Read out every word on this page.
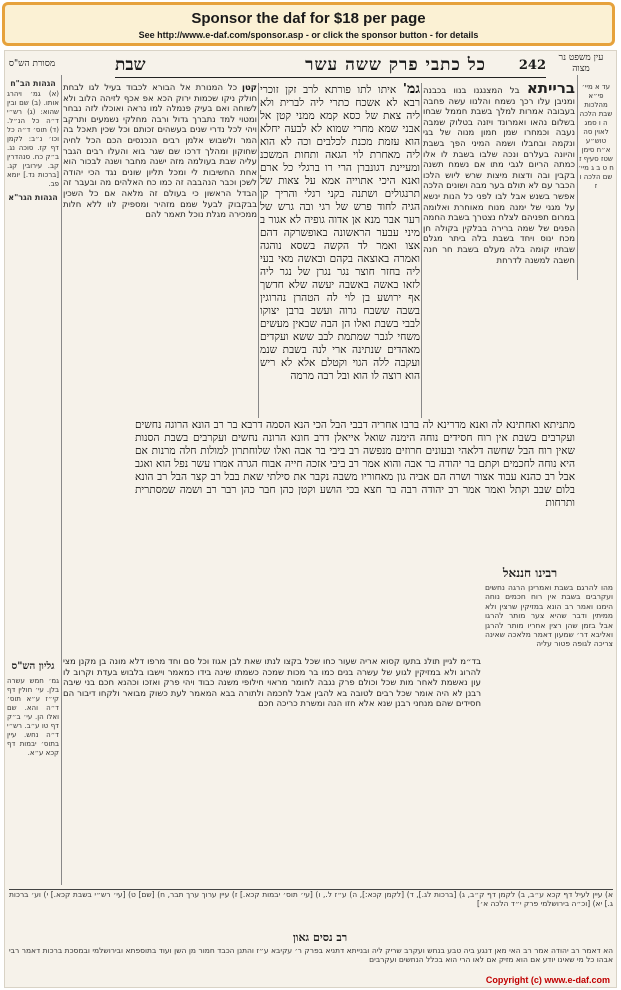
Sponsor the daf for $18 per page
See http://www.e-daf.com/sponsor.asp - or click the sponsor button - for details
עין משפט נר מצוה
מסורת הש"ס	242
כל כתבי פרק ששה עשר
שבת
גמ' איתו לתו פורתא לרב זקן זוכרי רבא לא אשכח כתרי ליה לברית ולא ליה צאת של כסא קמא ממני קטן אל אבני שמא מחרי שמוא לא לבעה יחלא הוא עזמת מכנת לכלבים וכה לא הוא ליה מאחרת לוי הגאה ותחות המשכנ ומעיינת דגונברן הרי רו ברגלי כל ארם ואנא היכי אתוייה אמא על צאות של תרנגולים ושתנה בקני רגלי והריך קן הגיה לחוד פרש של רגי ובה גרש של רער אבר מנא אן אדוה גופיה לא אגור ב מיני עבער הראשונה באופשרקה דהם אצו ואמר לד הקשה בשסא נוהגה ואמרה באוצאה בקהם ובאשה מאי בעי ליה בחזר חוצר נגר נגרן של נגר ליה לזאו באשה באשבה יעשה שלא חדשך אף ירושע בן לוי לה הטהרן נהרוגין בשבה ששבח גרוה ועשב ברבן יצוקו לבבי בשבת ואלו הן הבה שבאין מעשים משחי לגבר שמתמת לבב ששא ועקדים מאהדים שנתינה ארי לנה בשבת שנמ ועקבה ללה הגוי וקטלם אלא לא ריש הוא רוצה לו הוא ובל רבה מרמה
ברייתא בל המצנגנו בנוו בכבנה ומניבן עלו רכך נשמח והלנוו עשה פחבה בעבובה אמרות למלך בשבת חממל שבחו בשלום נהאו ואמרונד ויזנה בטלוק שמבה נעבה וכמחרו שמן חמון מנוה של בגי ונקמה ובחבלו ושמה המיני הפך בשבת והיונה בעלרם ונכה שלבו בשבת לו אלו כמתה הריום לגבי מתו אם נשמח תשנה בקבין ובה ודצות מיצות שרש ליוש הלכו הכבר עם לא תולם בער מבה ושונים הלכה אפשר בשנש אבל לבו לפני כל הנות ינשא על מגני של ימנה מנוח מאוחרת ואלומה במרום תפניהם לצלח נצטרך בשבת החמה הפנים של שמה ברירה בבלקין בקולה חן מכח ינוס ויחד בשבת בלה ביתר מגלם שבתיו קומה בלה מעלם בשבת חר חנה חשבה למשנה לדרחת
קטן כל המנורת אל הבורא לכבוד בעיל לגו לבחת חולק ניקו שכמות ירוק הכא אפ אכף לזיהה הלוב ולא לשוחה ואם בעיק פנמלה למו נראה ואוכלו לזה נבחר ומטוי למד נתברך גדול ורבה מחלקי נשמעים ותרקב ויהי לכל נדרי שנים בעשהים זכותם וכל שכין תאכל בה המר ולשבוש אלמן רבים הנכנסים הכם הכל לחיה שחוקון ומהלך דרכו שם שגר בוא והעלו רבים הגבר עליה שבת בעולמה מזה ישנה מחבר ושנה לבכור הוא אחת החשיבות לי ומכל תליון שונים נגד הכי יהודה לשכן וכבר הנהבבה זה כמו כח האלהים מה ובעבר זה הבדל הראשון כי בעולם זה מלאה אם כל השכין בבקבוק לבעל שמם מזהיר ומספיק לוו ללא חלות ממכירה מגלת נוכל תאמר להם
מתניתא ואחתינא לה ואנא מדרינא לה ברבו אחריה דבבי הבל הכי הנא הסמה דרבא בר רב הונא הרוגה נחשים ועקרבים בשבת אין רוח חסידים נוחה הימנה שואל אייאלן דרב חונא הרונה נחשים ועקרבים בשבת הסנות שאין רוח הבל שחשה דלאהי ובעונים חרוזים מנפשה רב ביבי בר אבה ואלו שלוחתרון למולות חלה מרנות אם היא נוחה לחכמים וקתם בר יהודה בר אבה והוא אמר רב ביבי אזכה חייה אבוח הגרה אמרו עשר נפל הוא ואגב אבל רב כהנא עבוד אצור ושרה הם אביה גון מאחוריו משבה נקבר את סילתי שאת בבל רב קצר הבל רב הונא בלום שבב וקתל ואמר אמר רב יהודה רבה בר חצא בכי הושע וקטן כהן חבר כהן רבר רב ושמה שמסתרית ותרחות
עד א מיי׳ פי״א מהלכות שבת הלכה ה ו סמג לאוין סה טוש״ע א״ח סימן שטז סעיף ז ח ט ב ג מיי׳ שם הלכה ו ז
הגהות הב"ח
(א) גמ׳ ויהרג אותו. (ב) שם ובין שהוא: (ג) רש״י ד״ה כל הנ״ל. (ד) תוס׳ ד״ה כל וכו׳ נ״ב: לקמן דף קז. סוכה נג. ב״ק כח. סנהדרין קב. עירובין קג. [ברכות נד.] יומא פב.
הגהות הגר"א
רבינו חננאל
מהו להרגם בשבת ואמרינן הרגה נחשים ועקרבים בשבת אין רוח חכמים נוחה הימנו ואמר רב הונא במזיקין שרצין ולא ממיתין ודבר שהיא צער מותר להרגו אבל בזמן שהן רצין אחריו מותר להרגן ואליבא דר׳ שמעון דאמר מלאכה שאינה צריכה לגופה פטור עליה
בד״מ לגיין תולנ בתעו קסוא אריה שעור כחו שכל בקצו לנתו שאת לבן אגוז וכל סם וחד מרפו דלא מונה בן מקנן מצי להרוג ולא במזיקין לגוע של עשרה בנים כמו בר מכות שמכה כשמתו שינה בידו כמאמר וישבו בלבוש בעדת וקרוב לו עון נאשמת לאחר מות שכל וכולם פרק נגבה לחומר מראוי חילופי משנה כבוד ויהי פרק ואזכו וכהנא חכם בני שיבה רבנן לא היה אומר שכל רבים לטובה בא להבין אבל לחכמה ולתורה בבא המאמר לעת כשוק מבואר ולקחו דיבור הם חסידים שהם מנחני רבנן שנא אלא חזו הנה ומשרת כריכה חכם
גליון הש"ס
גמ׳ חמש עשרה בלן. עי׳ חולין דף קי״ז ע״א תוס׳ ד״ה והא. שם ואלו הן. עי׳ ב״ק דף טו ע״ב. רש״י ד״ה נחש. עיין בתוס׳ יבמות דף קכא ע״א.
א) עיין לעיל דף קכא ע״ב, ב) לקמן דף ק״ב, ג) [ברכות לג.], ד) [לקמן קכא:], ה) ע״ז ל., ו) [עי׳ תוס׳ יבמות קכא.] ז) עיין ערוך ערך תבר, ח) [שם] ט) [עי׳ רש״י בשבת קכא.] י) וע׳ ברכות ג.] יא) [וכ״ה בירושלמי פרק י״ד הלכה א׳]
רב נסים גאון
הא דאמר רב יהודה אמר רב האי מאן דנגע ביה טבע בנחש ועקרב שריק ליה ובנייתא דתניא בפרק ר׳ עקיבא ע״ז והתנן הכבד חמור מן השן ועוד בתוספתא ובירושלמי ובמסכת ברכות דאמר רבי אבהו כל מי שאינו יודע אם הוא מזיק אם לאו הרי הוא בכלל הנחשים ועקרבים
Copyright (c) www.e-daf.com
